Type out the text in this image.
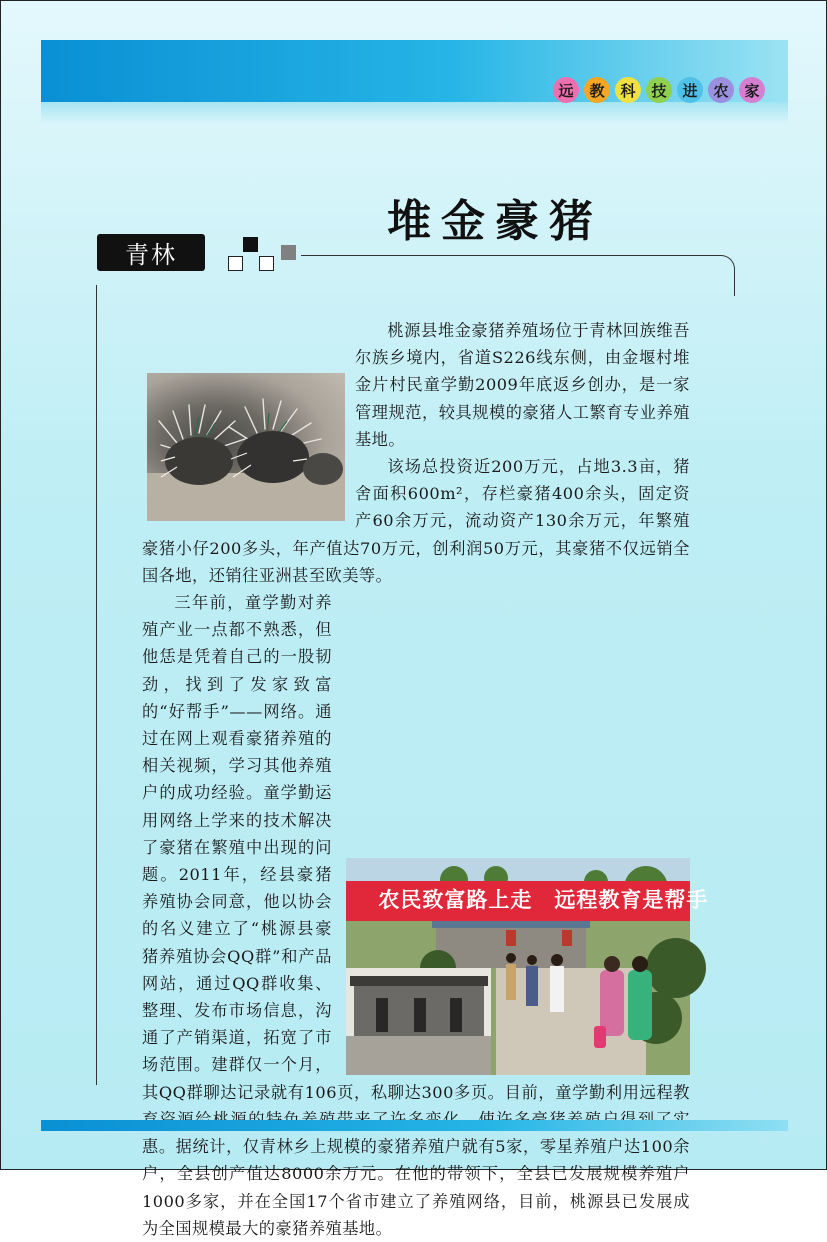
远	教	科	技	进	农	家
堆金豪猪
青林

桃源县堆金豪猪养殖场位于青林回族维吾尔族乡境内，省道S226线东侧，由金堰村堆金片村民童学勤2009年底返乡创办，是一家管理规范，较具规模的豪猪人工繁育专业养殖基地。

该场总投资近200万元，占地3.3亩，猪舍面积600m²，存栏豪猪400余头，固定资产60余万元，流动资产130余万元，年繁殖豪猪小仔200多头，年产值达70万元，创利润50万元，其豪猪不仅远销全国各地，还销往亚洲甚至欧美等。

农民致富路上走　远程教育是帮手
三年前，童学勤对养殖产业一点都不熟悉，但他恁是凭着自己的一股韧劲，找到了发家致富的“好帮手”——网络。通过在网上观看豪猪养殖的相关视频，学习其他养殖户的成功经验。童学勤运用网络上学来的技术解决了豪猪在繁殖中出现的问题。2011年，经县豪猪养殖协会同意，他以协会的名义建立了“桃源县豪猪养殖协会QQ群”和产品网站，通过QQ群收集、整理、发布市场信息，沟通了产销渠道，拓宽了市场范围。建群仅一个月，其QQ群聊达记录就有106页，私聊达300多页。目前，童学勤利用远程教 惠。据统计，仅青林乡上规模的豪猪养殖户就有5家，零星养殖户达100余户，全县创产值达8000余万元。在他的带领下，全县已发展规模养殖户1000多家，并在全国17个省市建立了养殖网络，目前，桃源县已发展成为全国规模最大的豪猪养殖基地。
